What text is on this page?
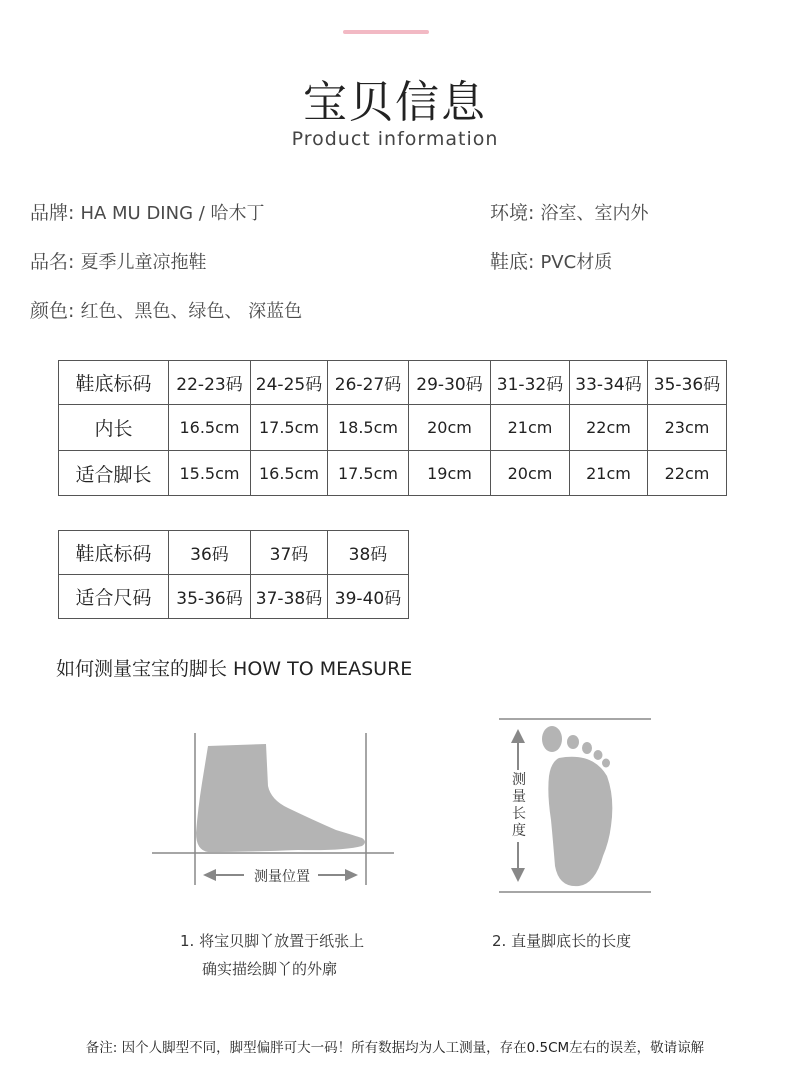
宝贝信息
Product information
品牌: HA MU DING / 哈木丁	环境: 浴室、室内外
品名: 夏季儿童凉拖鞋	鞋底: PVC材质
颜色: 红色、黑色、绿色、 深蓝色
鞋底标码	22-23码	24-25码	26-27码	29-30码	31-32码	33-34码	35-36码
内长	16.5cm	17.5cm	18.5cm	20cm	21cm	22cm	23cm
适合脚长	15.5cm	16.5cm	17.5cm	19cm	20cm	21cm	22cm
鞋底标码	36码	37码	38码
适合尺码	35-36码	37-38码	39-40码
如何测量宝宝的脚长 HOW TO MEASURE
测量位置
测
量
长
度
1. 将宝贝脚丫放置于纸张上
确实描绘脚丫的外廓
2. 直量脚底长的长度
备注: 因个人脚型不同，脚型偏胖可大一码！所有数据均为人工测量，存在0.5CM左右的误差，敬请谅解
